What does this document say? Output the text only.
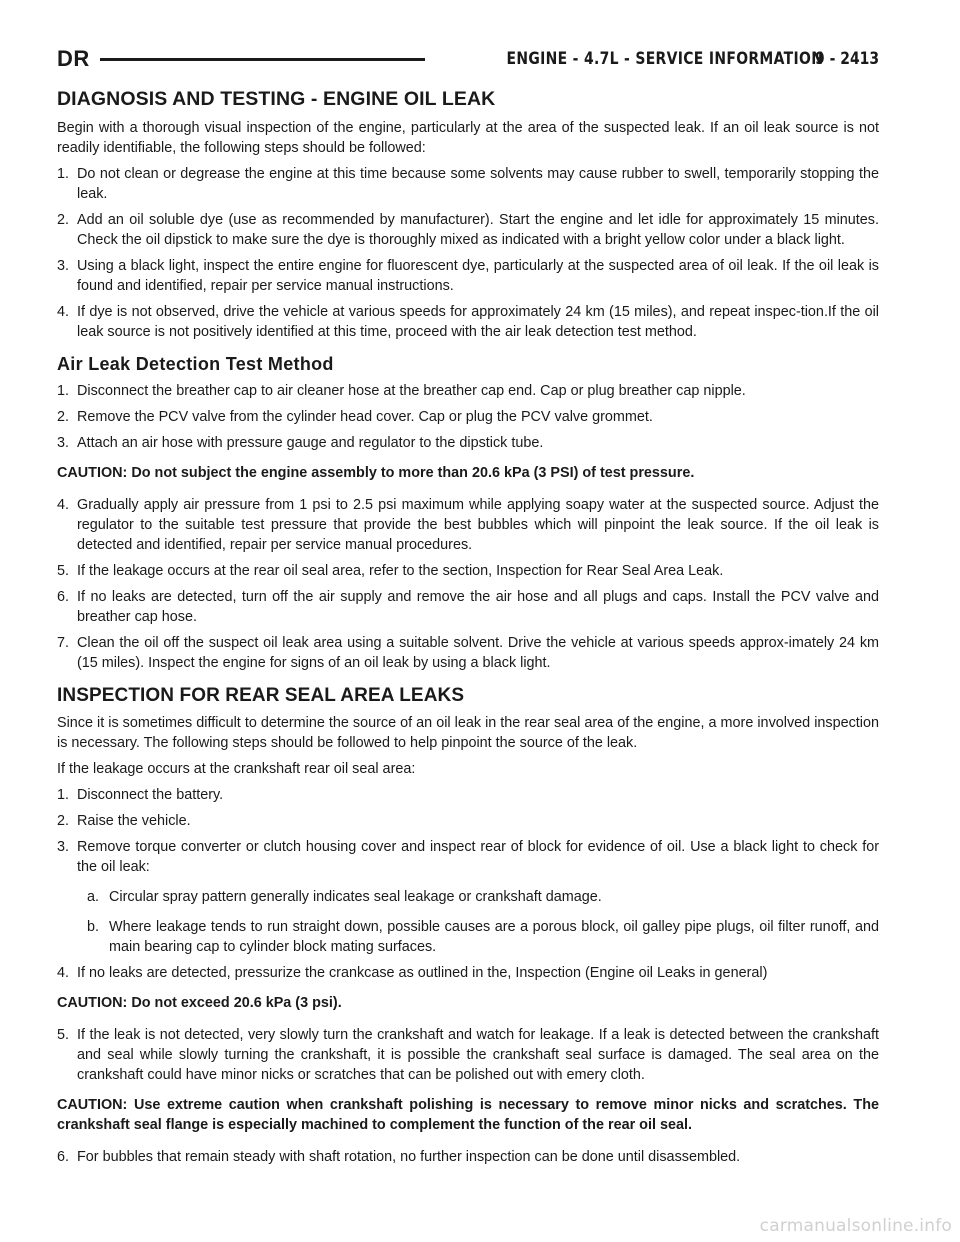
DR	ENGINE - 4.7L - SERVICE INFORMATION
9 - 2413
DIAGNOSIS AND TESTING - ENGINE OIL LEAK

Begin with a thorough visual inspection of the engine, particularly at the area of the suspected leak. If an oil leak source is not readily identifiable, the following steps should be followed:

1. Do not clean or degrease the engine at this time because some solvents may cause rubber to swell, temporarily stopping the leak.
2. Add an oil soluble dye (use as recommended by manufacturer). Start the engine and let idle for approximately 15 minutes. Check the oil dipstick to make sure the dye is thoroughly mixed as indicated with a bright yellow color under a black light.
3. Using a black light, inspect the entire engine for fluorescent dye, particularly at the suspected area of oil leak. If the oil leak is found and identified, repair per service manual instructions.
4. If dye is not observed, drive the vehicle at various speeds for approximately 24 km (15 miles), and repeat inspec-tion.If the oil leak source is not positively identified at this time, proceed with the air leak detection test method.
Air Leak Detection Test Method
1. Disconnect the breather cap to air cleaner hose at the breather cap end. Cap or plug breather cap nipple.
2. Remove the PCV valve from the cylinder head cover. Cap or plug the PCV valve grommet.
3. Attach an air hose with pressure gauge and regulator to the dipstick tube.
CAUTION: Do not subject the engine assembly to more than 20.6 kPa (3 PSI) of test pressure.
4. Gradually apply air pressure from 1 psi to 2.5 psi maximum while applying soapy water at the suspected source. Adjust the regulator to the suitable test pressure that provide the best bubbles which will pinpoint the leak source. If the oil leak is detected and identified, repair per service manual procedures.
5. If the leakage occurs at the rear oil seal area, refer to the section, Inspection for Rear Seal Area Leak.
6. If no leaks are detected, turn off the air supply and remove the air hose and all plugs and caps. Install the PCV valve and breather cap hose.
7. Clean the oil off the suspect oil leak area using a suitable solvent. Drive the vehicle at various speeds approx-imately 24 km (15 miles). Inspect the engine for signs of an oil leak by using a black light.
INSPECTION FOR REAR SEAL AREA LEAKS

Since it is sometimes difficult to determine the source of an oil leak in the rear seal area of the engine, a more involved inspection is necessary. The following steps should be followed to help pinpoint the source of the leak.

If the leakage occurs at the crankshaft rear oil seal area:

1. Disconnect the battery.
2. Raise the vehicle.
3. Remove torque converter or clutch housing cover and inspect rear of block for evidence of oil. Use a black light to check for the oil leak:
a. Circular spray pattern generally indicates seal leakage or crankshaft damage.
b. Where leakage tends to run straight down, possible causes are a porous block, oil galley pipe plugs, oil filter runoff, and main bearing cap to cylinder block mating surfaces.
4. If no leaks are detected, pressurize the crankcase as outlined in the, Inspection (Engine oil Leaks in general)
CAUTION: Do not exceed 20.6 kPa (3 psi).
5. If the leak is not detected, very slowly turn the crankshaft and watch for leakage. If a leak is detected between the crankshaft and seal while slowly turning the crankshaft, it is possible the crankshaft seal surface is damaged. The seal area on the crankshaft could have minor nicks or scratches that can be polished out with emery cloth.
CAUTION: Use extreme caution when crankshaft polishing is necessary to remove minor nicks and scratches. The crankshaft seal flange is especially machined to complement the function of the rear oil seal.
6. For bubbles that remain steady with shaft rotation, no further inspection can be done until disassembled.
carmanualsonline.info
